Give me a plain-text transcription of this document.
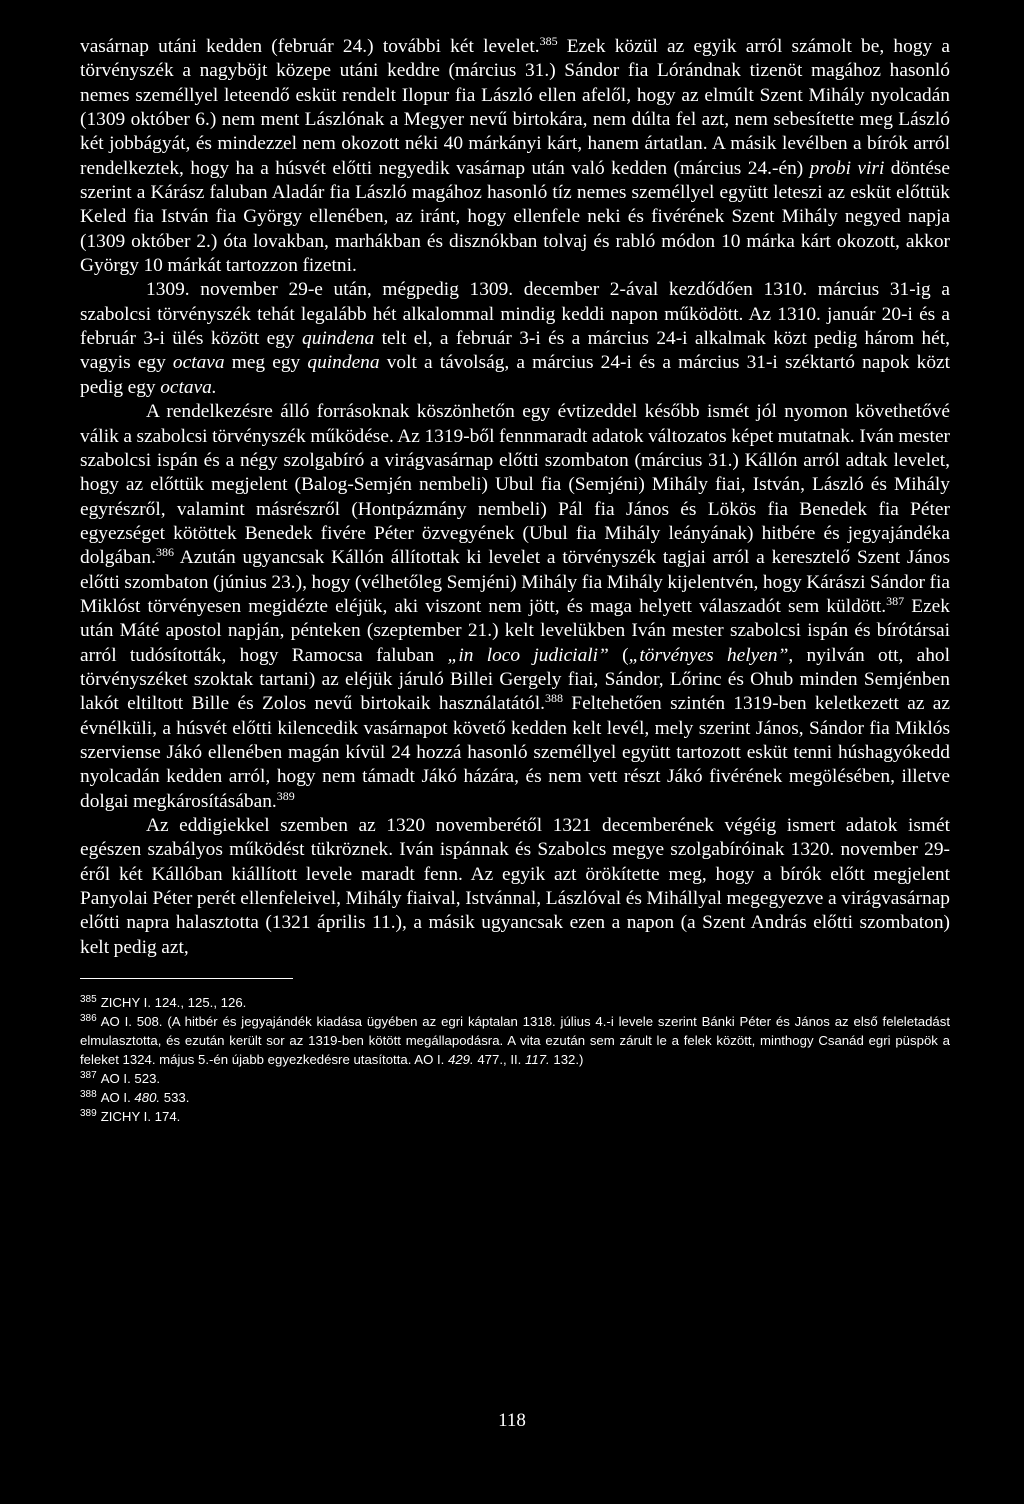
vasárnap utáni kedden (február 24.) további két levelet.$^{385}$ Ezek közül az egyik arról számolt be, hogy a törvényszék a nagyböjt közepe utáni keddre (március 31.) Sándor fia Lórándnak tizenöt magához hasonló nemes személlyel leteendő esküt rendelt Ilopur fia László ellen afelől, hogy az elmúlt Szent Mihály nyolcadán (1309 október 6.) nem ment Lászlónak a Megyer nevű birtokára, nem dúlta fel azt, nem sebesítette meg László két jobbágyát, és mindezzel nem okozott néki 40 márkányi kárt, hanem ártatlan. A másik levélben a bírók arról rendelkeztek, hogy ha a húsvét előtti negyedik vasárnap után való kedden (március 24.-én) probi viri döntése szerint a Kárász faluban Aladár fia László magához hasonló tíz nemes személlyel együtt leteszi az esküt előttük Keled fia István fia György ellenében, az iránt, hogy ellenfele neki és fivérének Szent Mihály negyed napja (1309 október 2.) óta lovakban, marhákban és disznókban tolvaj és rabló módon 10 márka kárt okozott, akkor György 10 márkát tartozzon fizetni.

1309. november 29-e után, mégpedig 1309. december 2-ával kezdődően 1310. március 31-ig a szabolcsi törvényszék tehát legalább hét alkalommal mindig keddi napon működött. Az 1310. január 20-i és a február 3-i ülés között egy quindena telt el, a február 3-i és a március 24-i alkalmak közt pedig három hét, vagyis egy octava meg egy quindena volt a távolság, a március 24-i és a március 31-i széktartó napok közt pedig egy octava.

A rendelkezésre álló forrásoknak köszönhetőn egy évtizeddel később ismét jól nyomon követhetővé válik a szabolcsi törvényszék működése. Az 1319-ből fennmaradt adatok változatos képet mutatnak. Iván mester szabolcsi ispán és a négy szolgabíró a virágvasárnap előtti szombaton (március 31.) Kállón arról adtak levelet, hogy az előttük megjelent (Balog-Semjén nembeli) Ubul fia (Semjéni) Mihály fiai, István, László és Mihály egyrészről, valamint másrészről (Hontpázmány nembeli) Pál fia János és Lökös fia Benedek fia Péter egyezséget kötöttek Benedek fivére Péter özvegyének (Ubul fia Mihály leányának) hitbére és jegyajándéka dolgában.$^{386}$ Azután ugyancsak Kállón állítottak ki levelet a törvényszék tagjai arról a keresztelő Szent János előtti szombaton (június 23.), hogy (vélhetőleg Semjéni) Mihály fia Mihály kijelentvén, hogy Kárászi Sándor fia Miklóst törvényesen megidézte eléjük, aki viszont nem jött, és maga helyett válaszadót sem küldött.$^{387}$ Ezek után Máté apostol napján, pénteken (szeptember 21.) kelt levelükben Iván mester szabolcsi ispán és bírótársai arról tudósították, hogy Ramocsa faluban „in loco judiciali” („törvényes helyen”, nyilván ott, ahol törvényszéket szoktak tartani) az eléjük járuló Billei Gergely fiai, Sándor, Lőrinc és Ohub minden Semjénben lakót eltiltott Bille és Zolos nevű birtokaik használatától.$^{388}$ Feltehetően szintén 1319-ben keletkezett az az évnélküli, a húsvét előtti kilencedik vasárnapot követő kedden kelt levél, mely szerint János, Sándor fia Miklós szerviense Jákó ellenében magán kívül 24 hozzá hasonló személlyel együtt tartozott esküt tenni húshagyókedd nyolcadán kedden arról, hogy nem támadt Jákó házára, és nem vett részt Jákó fivérének megölésében, illetve dolgai megkárosításában.$^{389}$

Az eddigiekkel szemben az 1320 novemberétől 1321 decemberének végéig ismert adatok ismét egészen szabályos működést tükröznek. Iván ispánnak és Szabolcs megye szolgabíróinak 1320. november 29-éről két Kállóban kiállított levele maradt fenn. Az egyik azt örökítette meg, hogy a bírók előtt megjelent Panyolai Péter perét ellenfeleivel, Mihály fiaival, Istvánnal, Lászlóval és Mihállyal megegyezve a virágvasárnap előtti napra halasztotta (1321 április 11.), a másik ugyancsak ezen a napon (a Szent András előtti szombaton) kelt pedig azt,

$^{385}$ ZICHY I. 124., 125., 126.

$^{386}$ AO I. 508. (A hitbér és jegyajándék kiadása ügyében az egri káptalan 1318. július 4.-i levele szerint Bánki Péter és János az első feleletadást elmulasztotta, és ezután került sor az 1319-ben kötött megállapodásra. A vita ezután sem zárult le a felek között, minthogy Csanád egri püspök a feleket 1324. május 5.-én újabb egyezkedésre utasította. AO I. 429. 477., II. 117. 132.)

$^{387}$ AO I. 523.

$^{388}$ AO I. 480. 533.

$^{389}$ ZICHY I. 174.

118
